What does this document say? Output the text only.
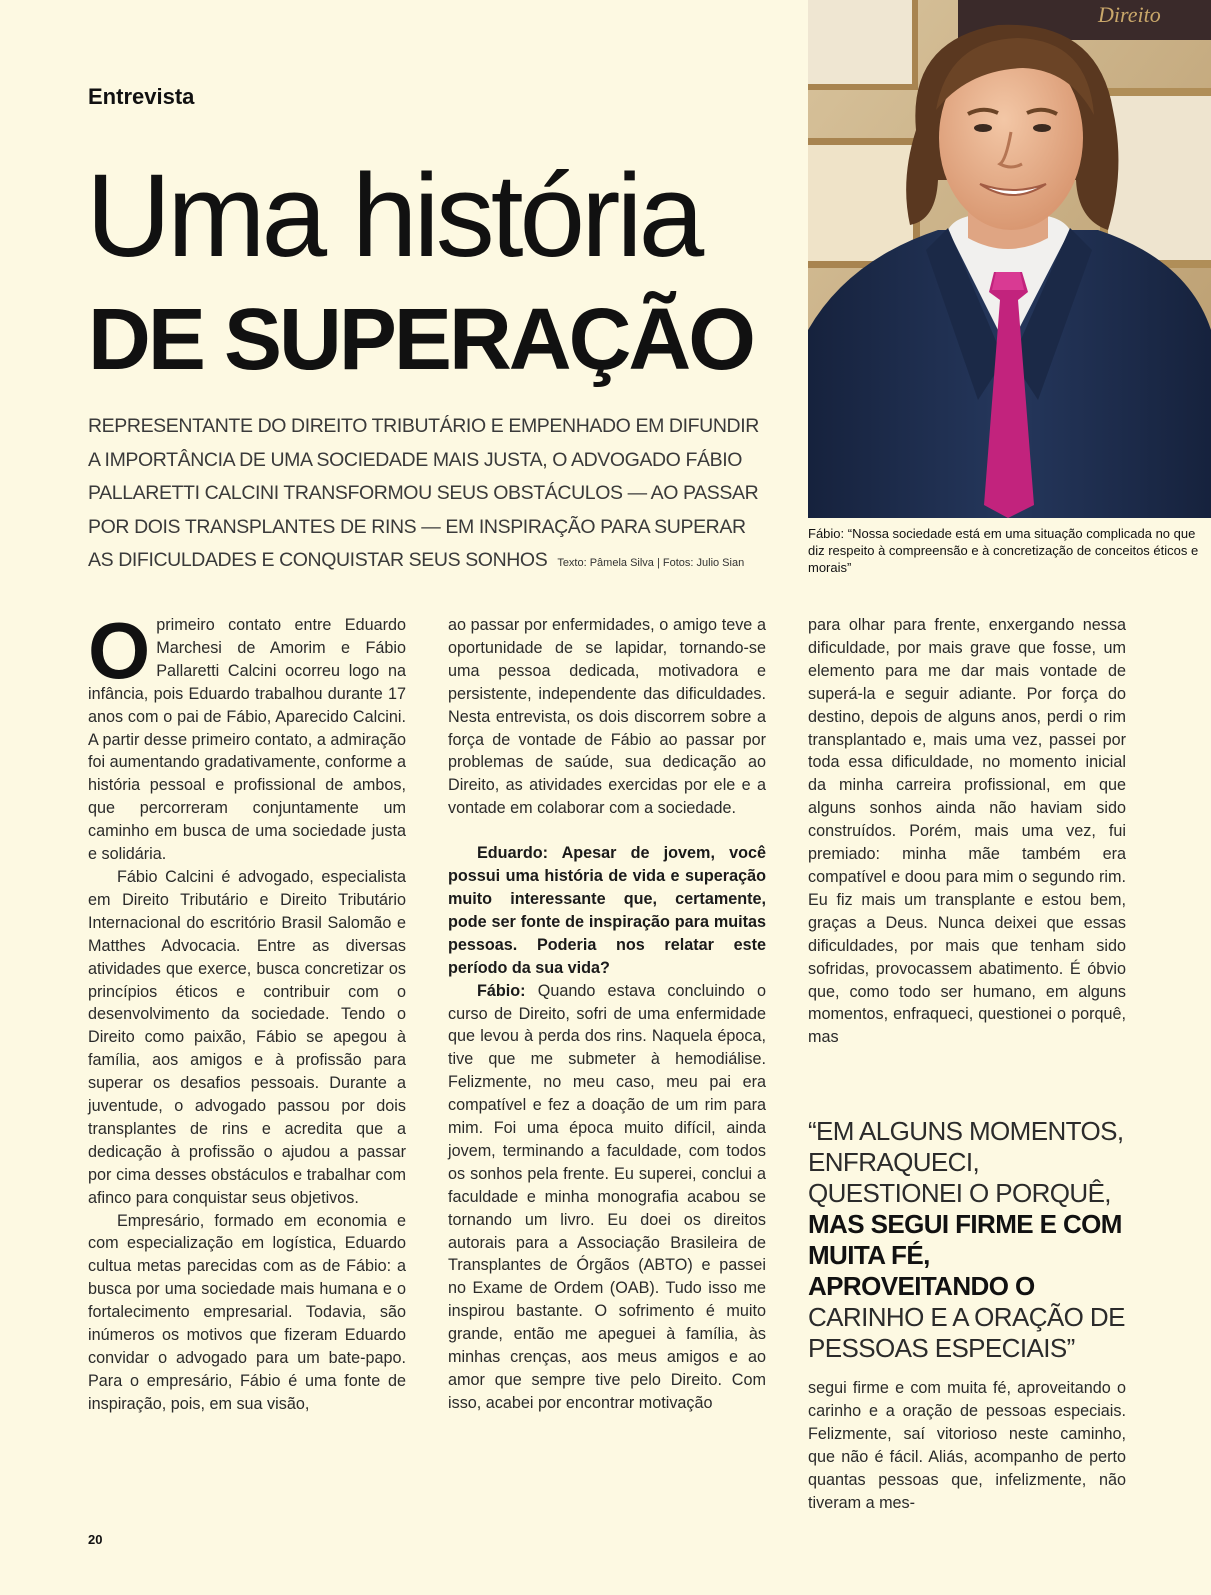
Entrevista
Uma história
DE SUPERAÇÃO
REPRESENTANTE DO DIREITO TRIBUTÁRIO E EMPENHADO EM DIFUNDIR A IMPORTÂNCIA DE UMA SOCIEDADE MAIS JUSTA, O ADVOGADO FÁBIO PALLARETTI CALCINI TRANSFORMOU SEUS OBSTÁCULOS — AO PASSAR POR DOIS TRANSPLANTES DE RINS — EM INSPIRAÇÃO PARA SUPERAR AS DIFICULDADES E CONQUISTAR SEUS SONHOS Texto: Pâmela Silva | Fotos: Julio Sian
Direito
Fábio: “Nossa sociedade está em uma situação complicada no que diz respeito à compreensão e à concretização de conceitos éticos e morais”

Oprimeiro contato entre Eduardo Marchesi de Amorim e Fábio Pallaretti Calcini ocorreu logo na infância, pois Eduardo trabalhou durante 17 anos com o pai de Fábio, Aparecido Calcini. A partir desse primeiro contato, a admiração foi aumentando gradativamente, conforme a história pessoal e profissional de ambos, que percorreram conjuntamente um caminho em busca de uma sociedade justa e solidária.

Fábio Calcini é advogado, especialista em Direito Tributário e Direito Tributário Internacional do escritório Brasil Salomão e Matthes Advocacia. Entre as diversas atividades que exerce, busca concretizar os princípios éticos e contribuir com o desenvolvimento da sociedade. Tendo o Direito como paixão, Fábio se apegou à família, aos amigos e à profissão para superar os desafios pessoais. Durante a juventude, o advogado passou por dois transplantes de rins e acredita que a dedicação à profissão o ajudou a passar por cima desses obstáculos e trabalhar com afinco para conquistar seus objetivos.

Empresário, formado em economia e com especialização em logística, Eduardo cultua metas parecidas com as de Fábio: a busca por uma sociedade mais humana e o fortalecimento empresarial. Todavia, são inúmeros os motivos que fizeram Eduardo convidar o advogado para um bate-papo. Para o empresário, Fábio é uma fonte de inspiração, pois, em sua visão,

ao passar por enfermidades, o amigo teve a oportunidade de se lapidar, tornando-se uma pessoa dedicada, motivadora e persistente, independente das dificuldades. Nesta entrevista, os dois discorrem sobre a força de vontade de Fábio ao passar por problemas de saúde, sua dedicação ao Direito, as atividades exercidas por ele e a vontade em colaborar com a sociedade.

Eduardo: Apesar de jovem, você possui uma história de vida e superação muito interessante que, certamente, pode ser fonte de inspiração para muitas pessoas. Poderia nos relatar este período da sua vida?

Fábio: Quando estava concluindo o curso de Direito, sofri de uma enfermidade que levou à perda dos rins. Naquela época, tive que me submeter à hemodiálise. Felizmente, no meu caso, meu pai era compatível e fez a doação de um rim para mim. Foi uma época muito difícil, ainda jovem, terminando a faculdade, com todos os sonhos pela frente. Eu superei, conclui a faculdade e minha monografia acabou se tornando um livro. Eu doei os direitos autorais para a Associação Brasileira de Transplantes de Órgãos (ABTO) e passei no Exame de Ordem (OAB). Tudo isso me inspirou bastante. O sofrimento é muito grande, então me apeguei à família, às minhas crenças, aos meus amigos e ao amor que sempre tive pelo Direito. Com isso, acabei por encontrar motivação

para olhar para frente, enxergando nessa dificuldade, por mais grave que fosse, um elemento para me dar mais vontade de superá-la e seguir adiante. Por força do destino, depois de alguns anos, perdi o rim transplantado e, mais uma vez, passei por toda essa dificuldade, no momento inicial da minha carreira profissional, em que alguns sonhos ainda não haviam sido construídos. Porém, mais uma vez, fui premiado: minha mãe também era compatível e doou para mim o segundo rim. Eu fiz mais um transplante e estou bem, graças a Deus. Nunca deixei que essas dificuldades, por mais que tenham sido sofridas, provocassem abatimento. É óbvio que, como todo ser humano, em alguns momentos, enfraqueci, questionei o porquê, mas

“EM ALGUNS MOMENTOS, ENFRAQUECI, QUESTIONEI O PORQUÊ, MAS SEGUI FIRME E COM MUITA FÉ, APROVEITANDO O CARINHO E A ORAÇÃO DE PESSOAS ESPECIAIS”

segui firme e com muita fé, aproveitando o carinho e a oração de pessoas especiais. Felizmente, saí vitorioso neste caminho, que não é fácil. Aliás, acompanho de perto quantas pessoas que, infelizmente, não tiveram a mes-

20
